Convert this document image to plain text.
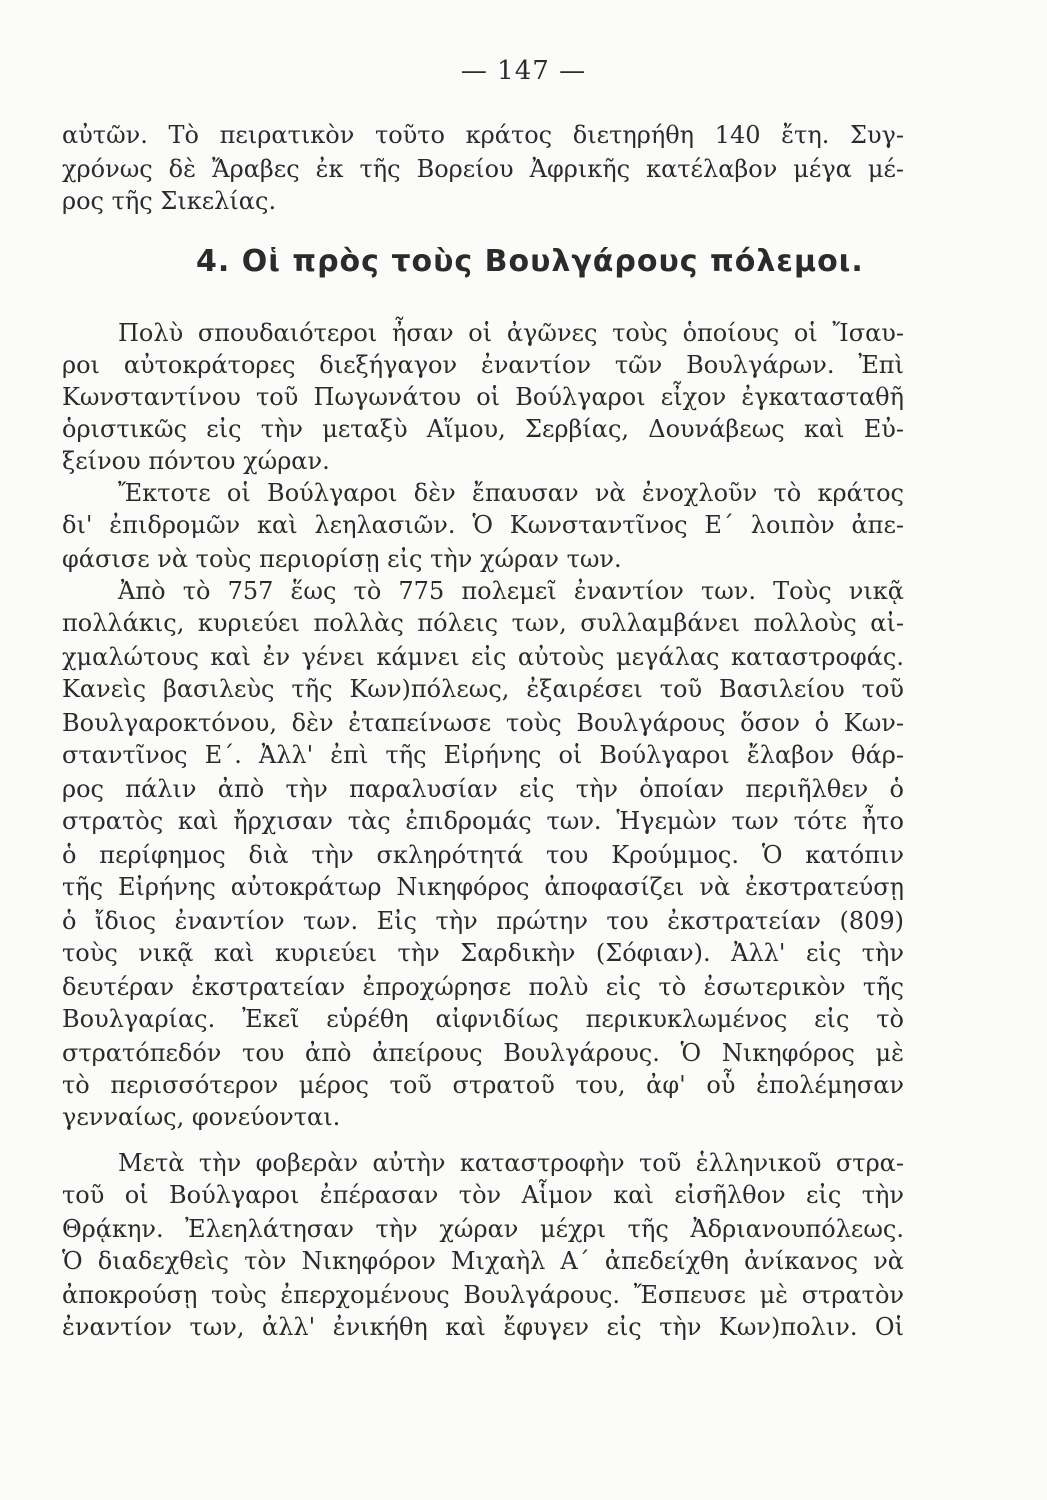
— 147 —
αὐτῶν. Τὸ πειρατικὸν τοῦτο κράτος διετηρήθη 140 ἔτη. Συγ-
χρόνως δὲ Ἄραβες ἐκ τῆς Βορείου Ἀφρικῆς κατέλαβον μέγα μέ-
ρος τῆς Σικελίας.
4. Οἱ πρὸς τοὺς Βουλγάρους πόλεμοι.
Πολὺ σπουδαιότεροι ἦσαν οἱ ἀγῶνες τοὺς ὁποίους οἱ Ἴσαυ-
ροι αὐτοκράτορες διεξήγαγον ἐναντίον τῶν Βουλγάρων. Ἐπὶ
Κωνσταντίνου τοῦ Πωγωνάτου οἱ Βούλγαροι εἶχον ἐγκατασταθῆ
ὁριστικῶς εἰς τὴν μεταξὺ Αἵμου, Σερβίας, Δουνάβεως καὶ Εὐ-
ξείνου πόντου χώραν.
Ἔκτοτε οἱ Βούλγαροι δὲν ἔπαυσαν νὰ ἐνοχλοῦν τὸ κράτος
δι' ἐπιδρομῶν καὶ λεηλασιῶν. Ὁ Κωνσταντῖνος Ε΄ λοιπὸν ἀπε-
φάσισε νὰ τοὺς περιορίσῃ εἰς τὴν χώραν των.
Ἀπὸ τὸ 757 ἕως τὸ 775 πολεμεῖ ἐναντίον των. Τοὺς νικᾷ
πολλάκις, κυριεύει πολλὰς πόλεις των, συλλαμβάνει πολλοὺς αἰ-
χμαλώτους καὶ ἐν γένει κάμνει εἰς αὐτοὺς μεγάλας καταστροφάς.
Κανεὶς βασιλεὺς τῆς Κων)πόλεως, ἐξαιρέσει τοῦ Βασιλείου τοῦ
Βουλγαροκτόνου, δὲν ἐταπείνωσε τοὺς Βουλγάρους ὅσον ὁ Κων-
σταντῖνος Ε΄. Ἀλλ' ἐπὶ τῆς Εἰρήνης οἱ Βούλγαροι ἔλαβον θάρ-
ρος πάλιν ἀπὸ τὴν παραλυσίαν εἰς τὴν ὁποίαν περιῆλθεν ὁ
στρατὸς καὶ ἤρχισαν τὰς ἐπιδρομάς των. Ἡγεμὼν των τότε ἦτο
ὁ περίφημος διὰ τὴν σκληρότητά του Κρούμμος. Ὁ κατόπιν
τῆς Εἰρήνης αὐτοκράτωρ Νικηφόρος ἀποφασίζει νὰ ἐκστρατεύσῃ
ὁ ἴδιος ἐναντίον των. Εἰς τὴν πρώτην του ἐκστρατείαν (809)
τοὺς νικᾷ καὶ κυριεύει τὴν Σαρδικὴν (Σόφιαν). Ἀλλ' εἰς τὴν
δευτέραν ἐκστρατείαν ἐπροχώρησε πολὺ εἰς τὸ ἐσωτερικὸν τῆς
Βουλγαρίας. Ἐκεῖ εὑρέθη αἰφνιδίως περικυκλωμένος εἰς τὸ
στρατόπεδόν του ἀπὸ ἀπείρους Βουλγάρους. Ὁ Νικηφόρος μὲ
τὸ περισσότερον μέρος τοῦ στρατοῦ του, ἀφ' οὗ ἐπολέμησαν
γενναίως, φονεύονται.
Μετὰ τὴν φοβερὰν αὐτὴν καταστροφὴν τοῦ ἑλληνικοῦ στρα-
τοῦ οἱ Βούλγαροι ἐπέρασαν τὸν Αἷμον καὶ εἰσῆλθον εἰς τὴν
Θρᾴκην. Ἐλεηλάτησαν τὴν χώραν μέχρι τῆς Ἀδριανουπόλεως.
Ὁ διαδεχθεὶς τὸν Νικηφόρον Μιχαὴλ Α΄ ἀπεδείχθη ἀνίκανος νὰ
ἀποκρούσῃ τοὺς ἐπερχομένους Βουλγάρους. Ἔσπευσε μὲ στρατὸν
ἐναντίον των, ἀλλ' ἐνικήθη καὶ ἔφυγεν εἰς τὴν Κων)πολιν. Οἱ
